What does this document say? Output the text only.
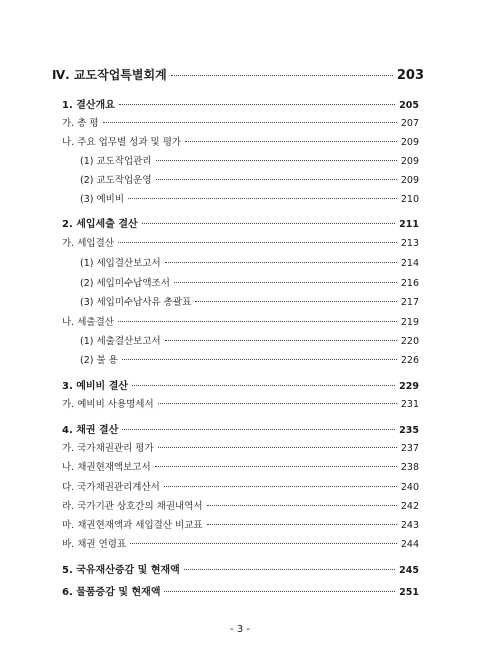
Ⅳ. 교도작업특별회계	203
1. 결산개요	205
가. 총 평	207
나. 주요 업무별 성과 및 평가	209
(1) 교도작업관리	209
(2) 교도작업운영	209
(3) 예비비	210
2. 세입세출 결산	211
가. 세입결산	213
(1) 세입결산보고서	214
(2) 세입미수납액조서	216
(3) 세입미수납사유 총괄표	217
나. 세출결산	219
(1) 세출결산보고서	220
(2) 불 용	226
3. 예비비 결산	229
가. 예비비 사용명세서	231
4. 채권 결산	235
가. 국가채권관리 평가	237
나. 채권현재액보고서	238
다. 국가채권관리계산서	240
라. 국가기관 상호간의 채권내역서	242
마. 채권현재액과 세입결산 비교표	243
바. 채권 연령표	244
5. 국유재산증감 및 현재액	245
6. 물품증감 및 현재액	251
- 3 -
